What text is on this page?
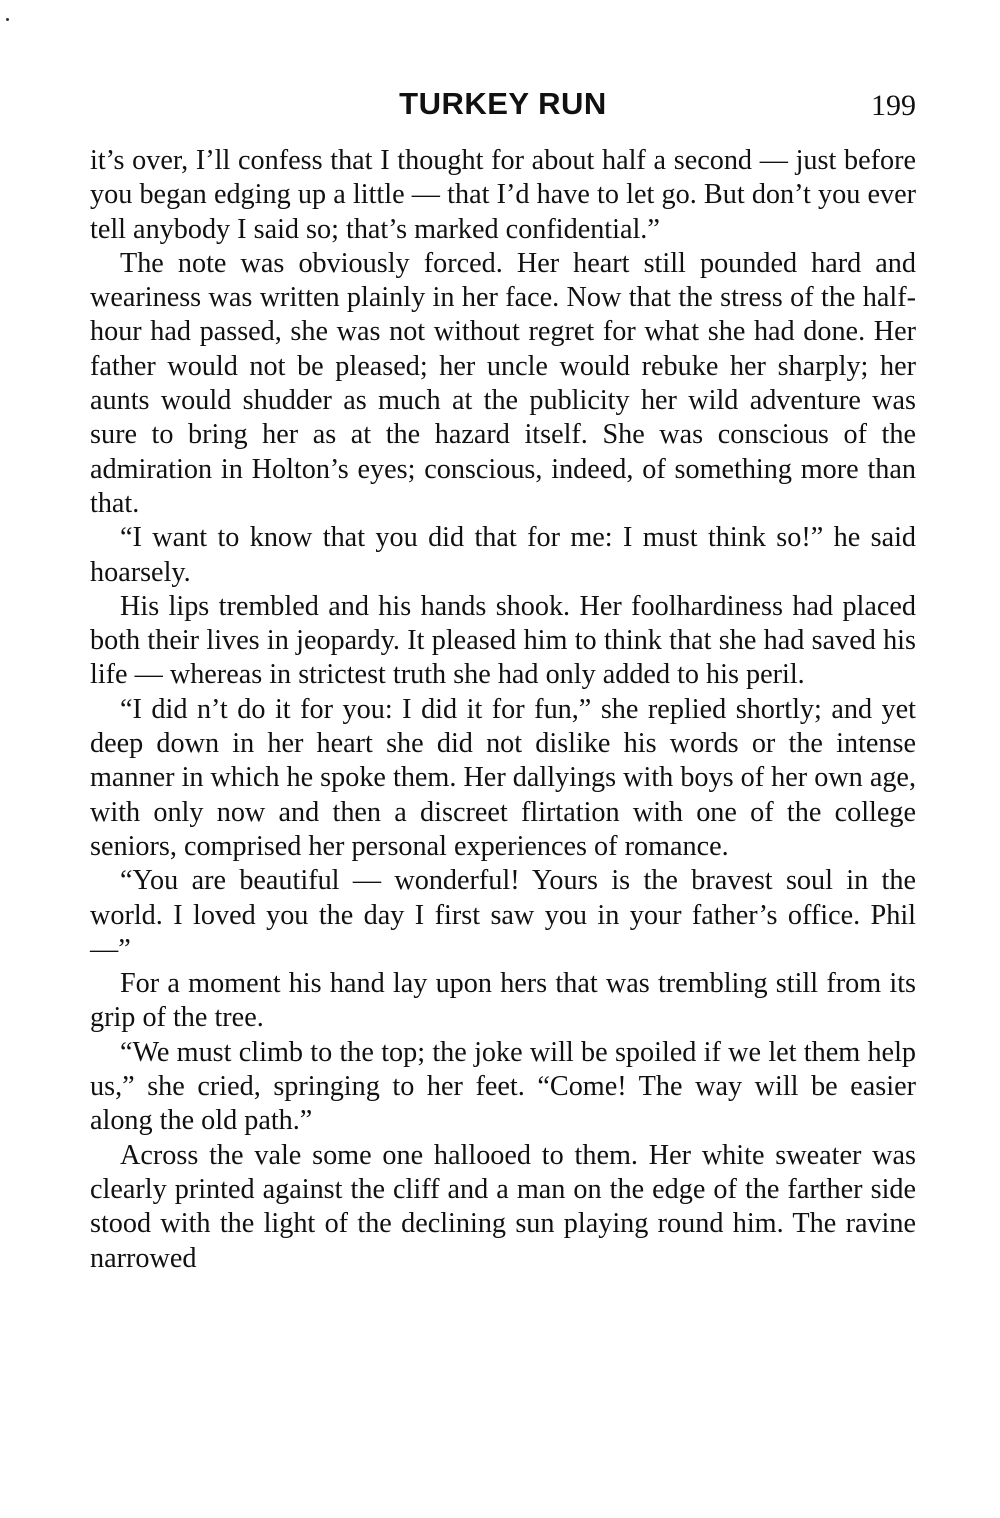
TURKEY RUN	199

it’s over, I’ll confess that I thought for about half a second — just before you began edging up a little — that I’d have to let go. But don’t you ever tell anybody I said so; that’s marked confidential.”

The note was obviously forced. Her heart still pounded hard and weariness was written plainly in her face. Now that the stress of the half-hour had passed, she was not without regret for what she had done. Her father would not be pleased; her uncle would rebuke her sharply; her aunts would shudder as much at the publicity her wild adventure was sure to bring her as at the hazard itself. She was conscious of the admiration in Holton’s eyes; conscious, indeed, of something more than that.

“I want to know that you did that for me: I must think so!” he said hoarsely.

His lips trembled and his hands shook. Her foolhardiness had placed both their lives in jeopardy. It pleased him to think that she had saved his life — whereas in strictest truth she had only added to his peril.

“I did n’t do it for you: I did it for fun,” she replied shortly; and yet deep down in her heart she did not dislike his words or the intense manner in which he spoke them. Her dallyings with boys of her own age, with only now and then a discreet flirtation with one of the college seniors, comprised her personal experiences of romance.

“You are beautiful — wonderful! Yours is the bravest soul in the world. I loved you the day I first saw you in your father’s office. Phil —”

For a moment his hand lay upon hers that was trembling still from its grip of the tree.

“We must climb to the top; the joke will be spoiled if we let them help us,” she cried, springing to her feet. “Come! The way will be easier along the old path.”

Across the vale some one hallooed to them. Her white sweater was clearly printed against the cliff and a man on the edge of the farther side stood with the light of the declining sun playing round him. The ravine narrowed
